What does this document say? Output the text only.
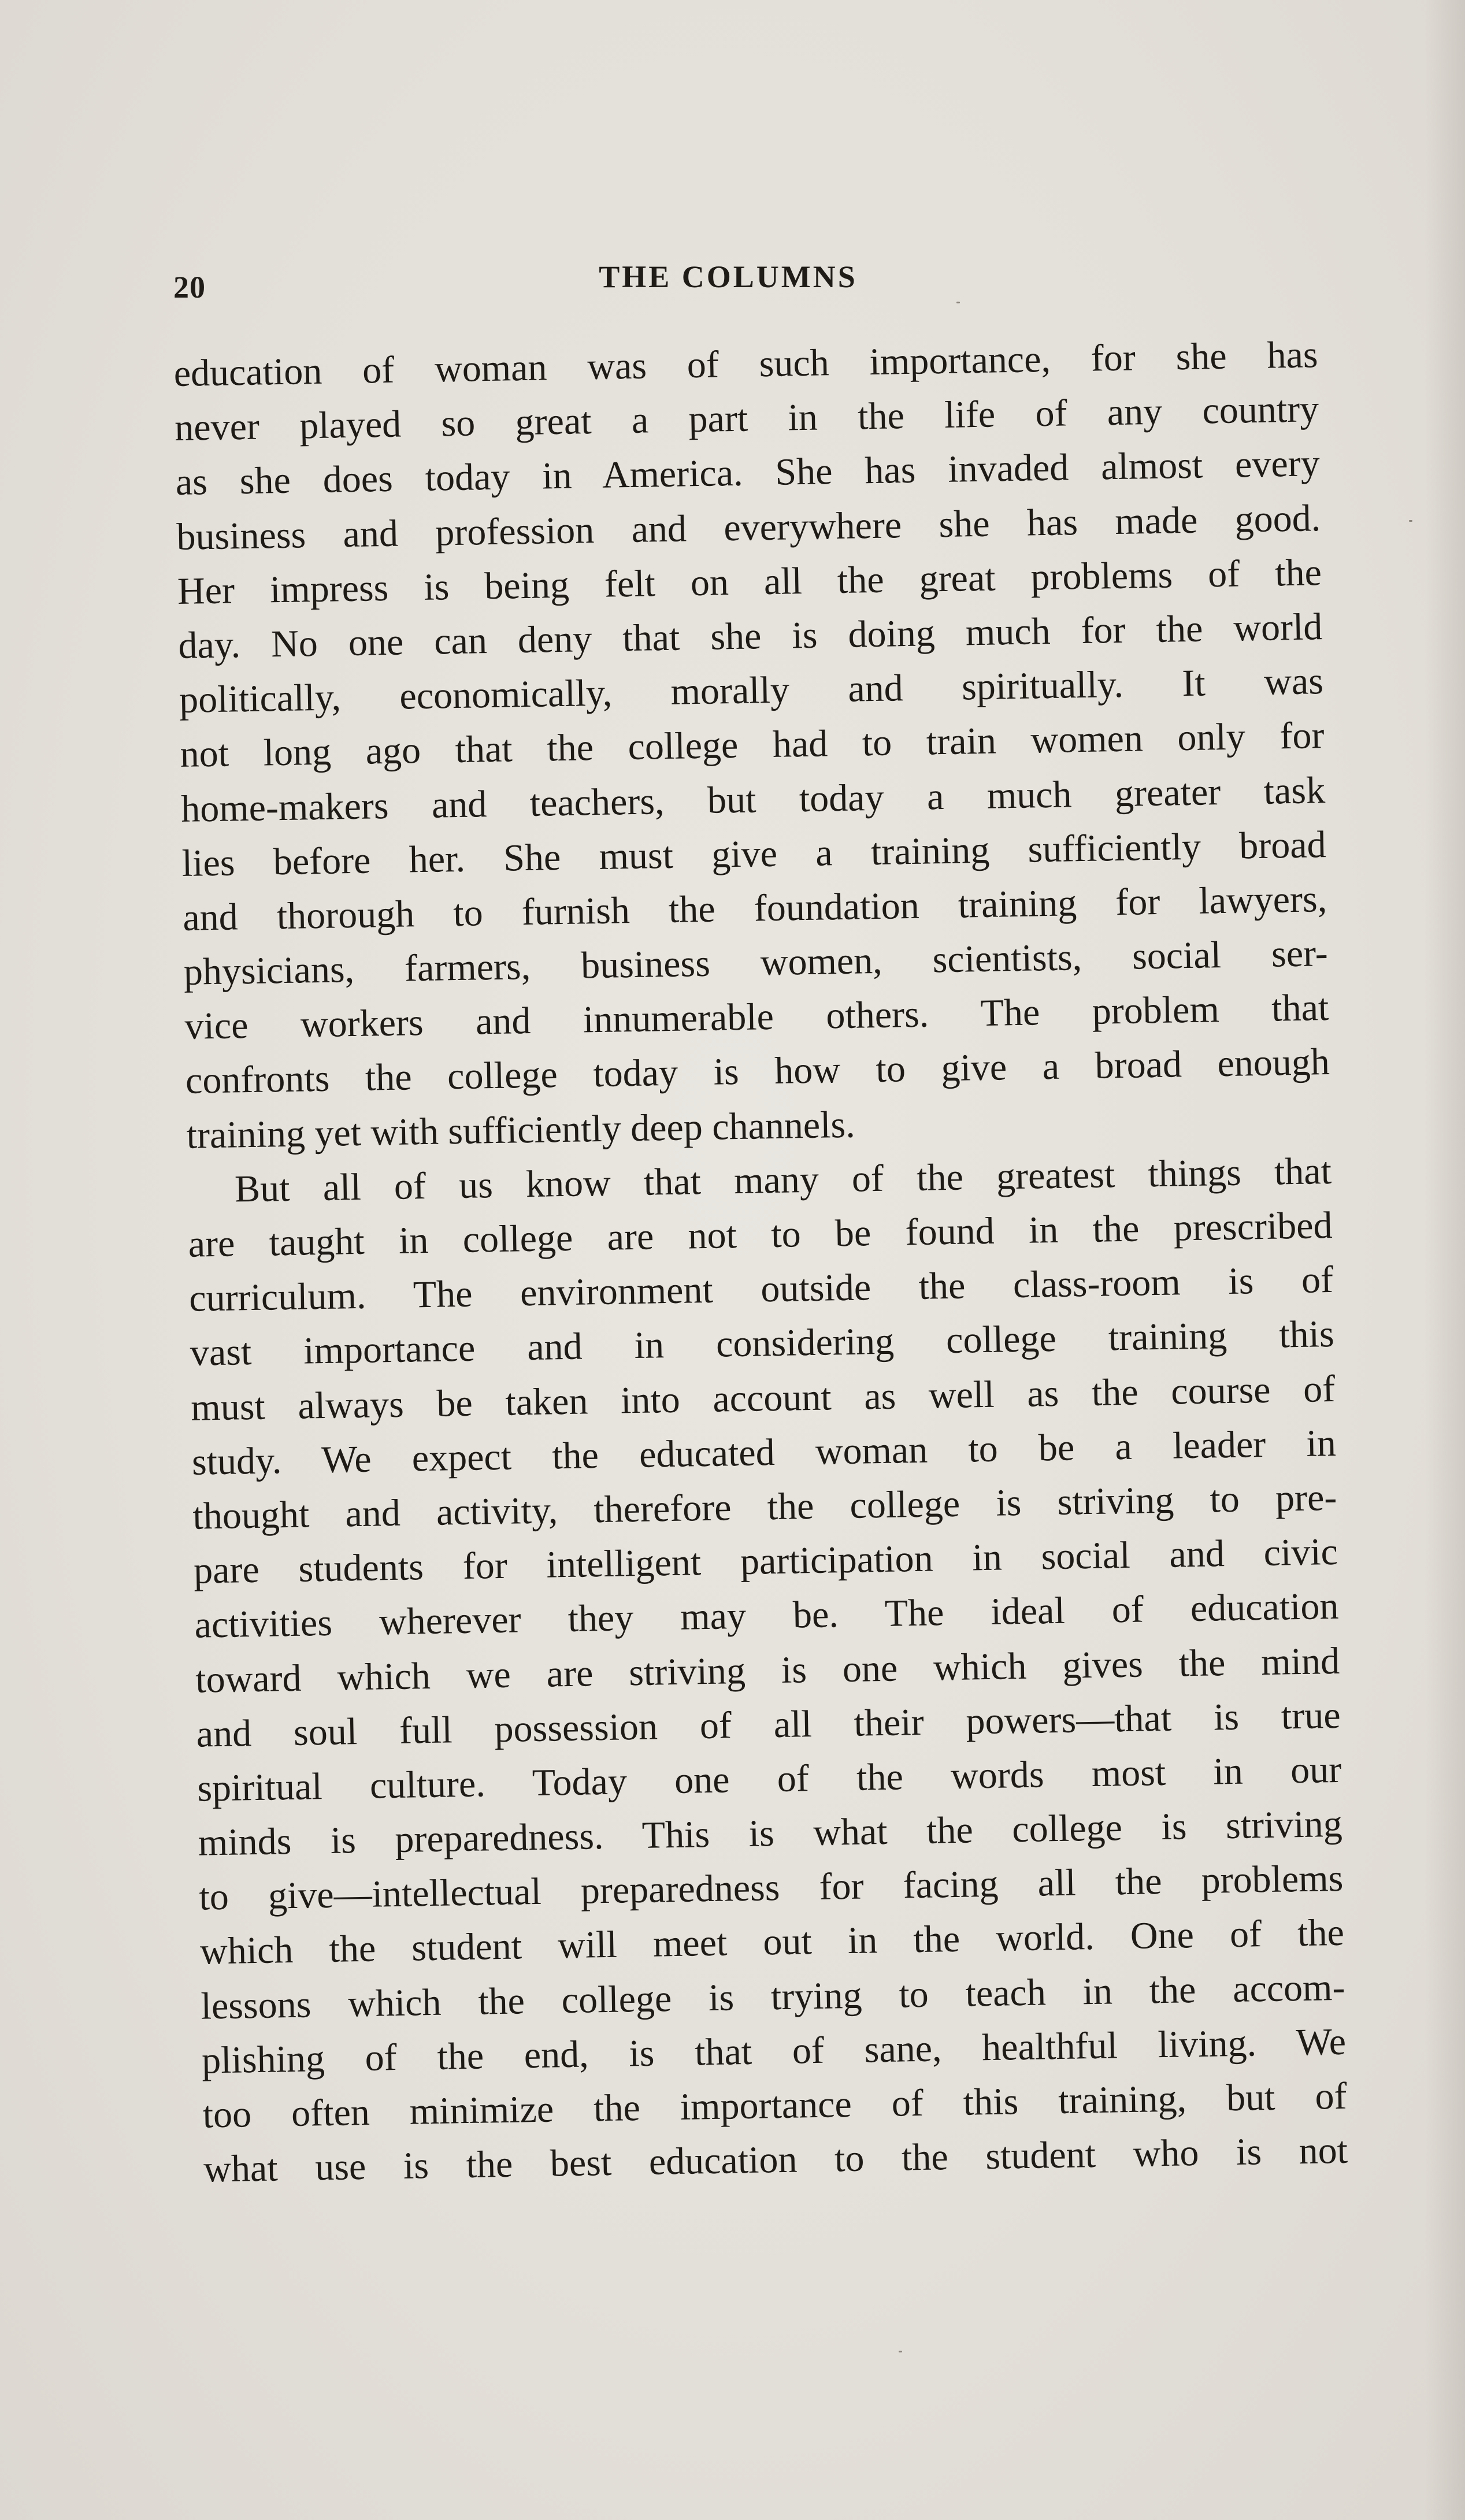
20	THE COLUMNS
education of woman was of such importance, for she has
never played so great a part in the life of any country
as she does today in America. She has invaded almost every
business and profession and everywhere she has made good.
Her impress is being felt on all the great problems of the
day. No one can deny that she is doing much for the world
politically, economically, morally and spiritually. It was
not long ago that the college had to train women only for
home-makers and teachers, but today a much greater task
lies before her. She must give a training sufficiently broad
and thorough to furnish the foundation training for lawyers,
physicians, farmers, business women, scientists, social ser-
vice workers and innumerable others. The problem that
confronts the college today is how to give a broad enough
training yet with sufficiently deep channels.
But all of us know that many of the greatest things that
are taught in college are not to be found in the prescribed
curriculum. The environment outside the class-room is of
vast importance and in considering college training this
must always be taken into account as well as the course of
study. We expect the educated woman to be a leader in
thought and activity, therefore the college is striving to pre-
pare students for intelligent participation in social and civic
activities wherever they may be. The ideal of education
toward which we are striving is one which gives the mind
and soul full possession of all their powers—that is true
spiritual culture. Today one of the words most in our
minds is preparedness. This is what the college is striving
to give—intellectual preparedness for facing all the problems
which the student will meet out in the world. One of the
lessons which the college is trying to teach in the accom-
plishing of the end, is that of sane, healthful living. We
too often minimize the importance of this training, but of
what use is the best education to the student who is not
